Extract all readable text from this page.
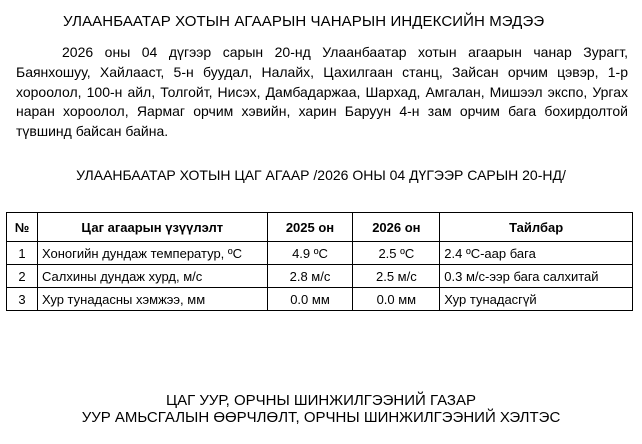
УЛААНБААТАР ХОТЫН АГААРЫН ЧАНАРЫН ИНДЕКСИЙН МЭДЭЭ
2026 оны 04 дүгээр сарын 20-нд Улаанбаатар хотын агаарын чанар Зурагт, Баянхошуу, Хайлааст, 5-н буудал, Налайх, Цахилгаан станц, Зайсан орчим цэвэр, 1-р хороолол, 100-н айл, Толгойт, Нисэх, Дамбадаржаа, Шархад, Амгалан, Мишээл экспо, Ургах наран хороолол, Яармаг орчим хэвийн, харин Баруун 4-н зам орчим бага бохирдолтой түвшинд байсан байна.
УЛААНБААТАР ХОТЫН ЦАГ АГААР /2026 ОНЫ 04 ДҮГЭЭР САРЫН 20-НД/
№	Цаг агаарын үзүүлэлт	2025 он	2026 он	Тайлбар
1	Хоногийн дундаж температур, ºC	4.9 ºC	2.5 ºC	2.4 ºC-аар бага
2	Салхины дундаж хурд, м/с	2.8 м/с	2.5 м/с	0.3 м/с-ээр бага салхитай
3	Хур тунадасны хэмжээ, мм	0.0 мм	0.0 мм	Хур тунадасгүй
ЦАГ УУР, ОРЧНЫ ШИНЖИЛГЭЭНИЙ ГАЗАР
УУР АМЬСГАЛЫН ӨӨРЧЛӨЛТ, ОРЧНЫ ШИНЖИЛГЭЭНИЙ ХЭЛТЭС
